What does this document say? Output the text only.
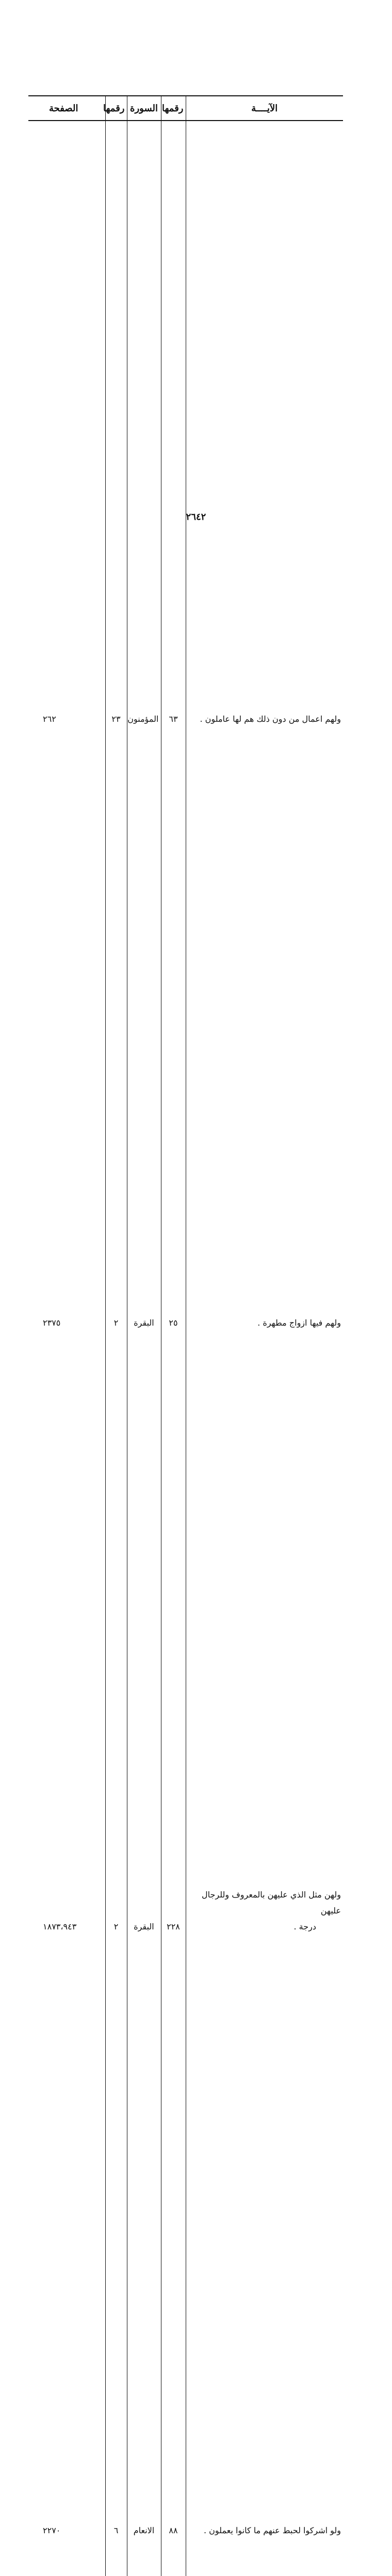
الآيــــة	رقمها	السورة	رقمها	الصفحة

ولهم اعمال من دون ذلك هم لها عاملون .	٦٣	المؤمنون	٢٣	٢٦٢

ولهم فيها ازواج مطهرة .	٢٥	البقرة	٢	٢٣٧٥

ولهن مثل الذي عليهن بالمعروف وللرجال عليهن
درجة .	٢٢٨	البقرة	٢	١٨٧٣،٩٤٣

ولو اشركوا لحبط عنهم ما كانوا يعملون .	٨٨	الانعام	٦	٢٢٧٠

٢٦٤٢
